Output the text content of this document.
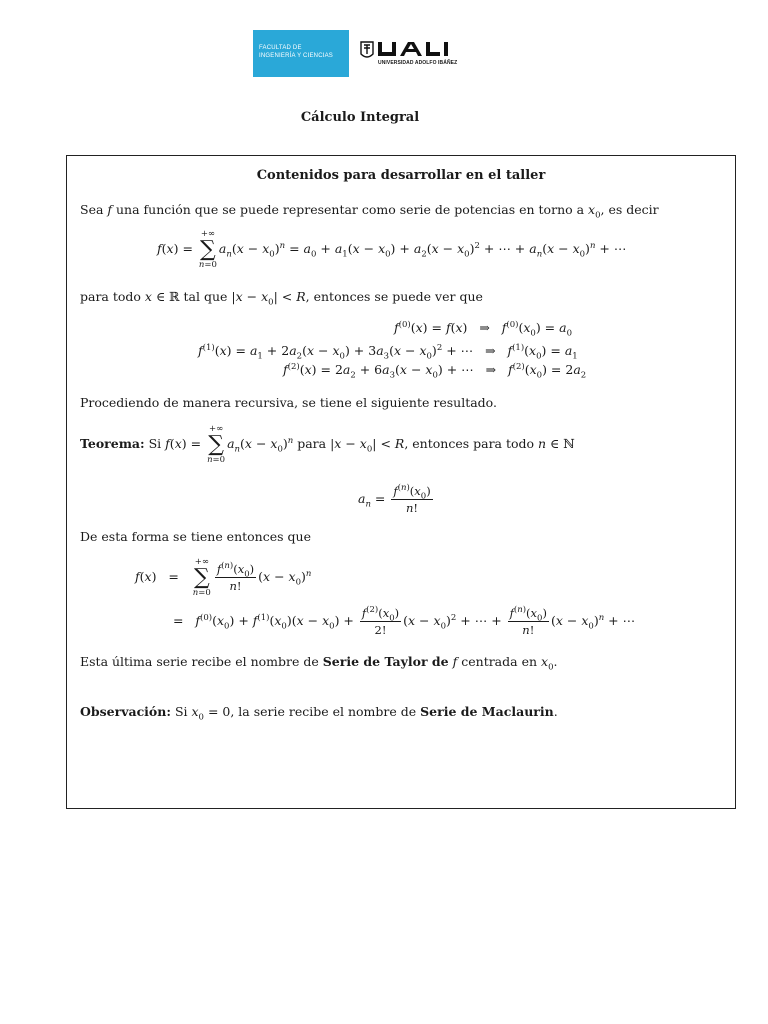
FACULTAD DE
INGENIERÍA Y CIENCIAS
UNIVERSIDAD ADOLFO IBÁÑEZ
Cálculo Integral
Contenidos para desarrollar en el taller
Sea f una función que se puede representar como serie de potencias en torno a $x_0$, es decir
f(x) =
+∞
∑
n=0
$a_n(x - x_0)^n = a_0 + a_1(x - x_0) + a_2(x - x_0)^2$ + ⋯ + $a_n(x - x_0)^n$ + ⋯
para todo x ∈ ℝ tal que $|x - x_0| < R$, entonces se puede ver que
$f^{(0)}(x) = f(x)$   ⇒   $f^{(0)}(x_0) = a_0$
$f^{(1)}(x) = a_1 + 2a_2(x - x_0) + 3a_3(x - x_0)^2$ + ⋯   ⇒   $f^{(1)}(x_0) = a_1$
$f^{(2)}(x) = 2a_2 + 6a_3(x - x_0)$ + ⋯   ⇒   $f^{(2)}(x_0) = 2a_2$
Procediendo de manera recursiva, se tiene el siguiente resultado.
Teorema: Si f(x) =
+∞
∑
n=0
$a_n(x - x_0)^n$ para $|x - x_0| < R$, entonces para todo n ∈ ℕ
$a_n = \frac{f^{(n)}(x_0)}{n!}$
De esta forma se tiene entonces que
f(x)   =
+∞
∑
$n=0 \frac{f^{(n)}(x_0)}{n!} (x - x_0)^n$
=   $f^{(0)}(x_0) + f^{(1)}(x_0)(x - x_0) + \frac{f^{(2)}(x_0)}{2!} (x - x_0)^2$ + ⋯ + $\frac{f^{(n)}(x_0)}{n!} (x - x_0)^n$ + ⋯
Esta última serie recibe el nombre de Serie de Taylor de f centrada en $x_0$.
Observación: Si $x_0 = 0$, la serie recibe el nombre de Serie de Maclaurin.
